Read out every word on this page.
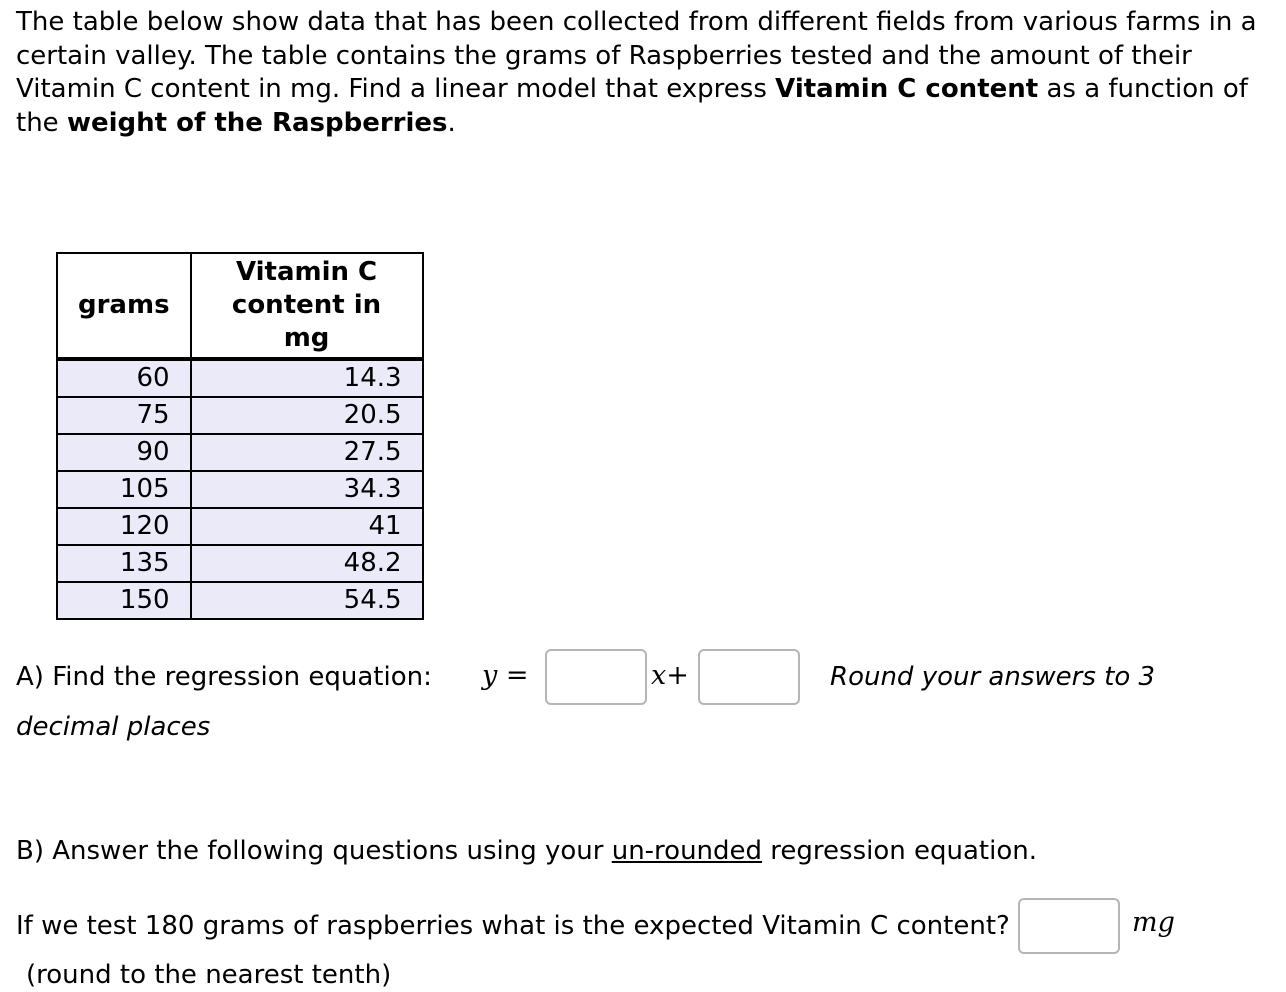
The table below show data that has been collected from different fields from various farms in a certain valley. The table contains the grams of Raspberries tested and the amount of their Vitamin C content in mg. Find a linear model that express Vitamin C content as a function of the weight of the Raspberries.
grams	Vitamin C content in mg
60	14.3
75	20.5
90	27.5
105	34.3
120	41
135	48.2
150	54.5
A) Find the regression equation: y =	x+	Round your answers to 3
decimal places
B) Answer the following questions using your un-rounded regression equation.
If we test 180 grams of raspberries what is the expected Vitamin C content?	mg
(round to the nearest tenth)
